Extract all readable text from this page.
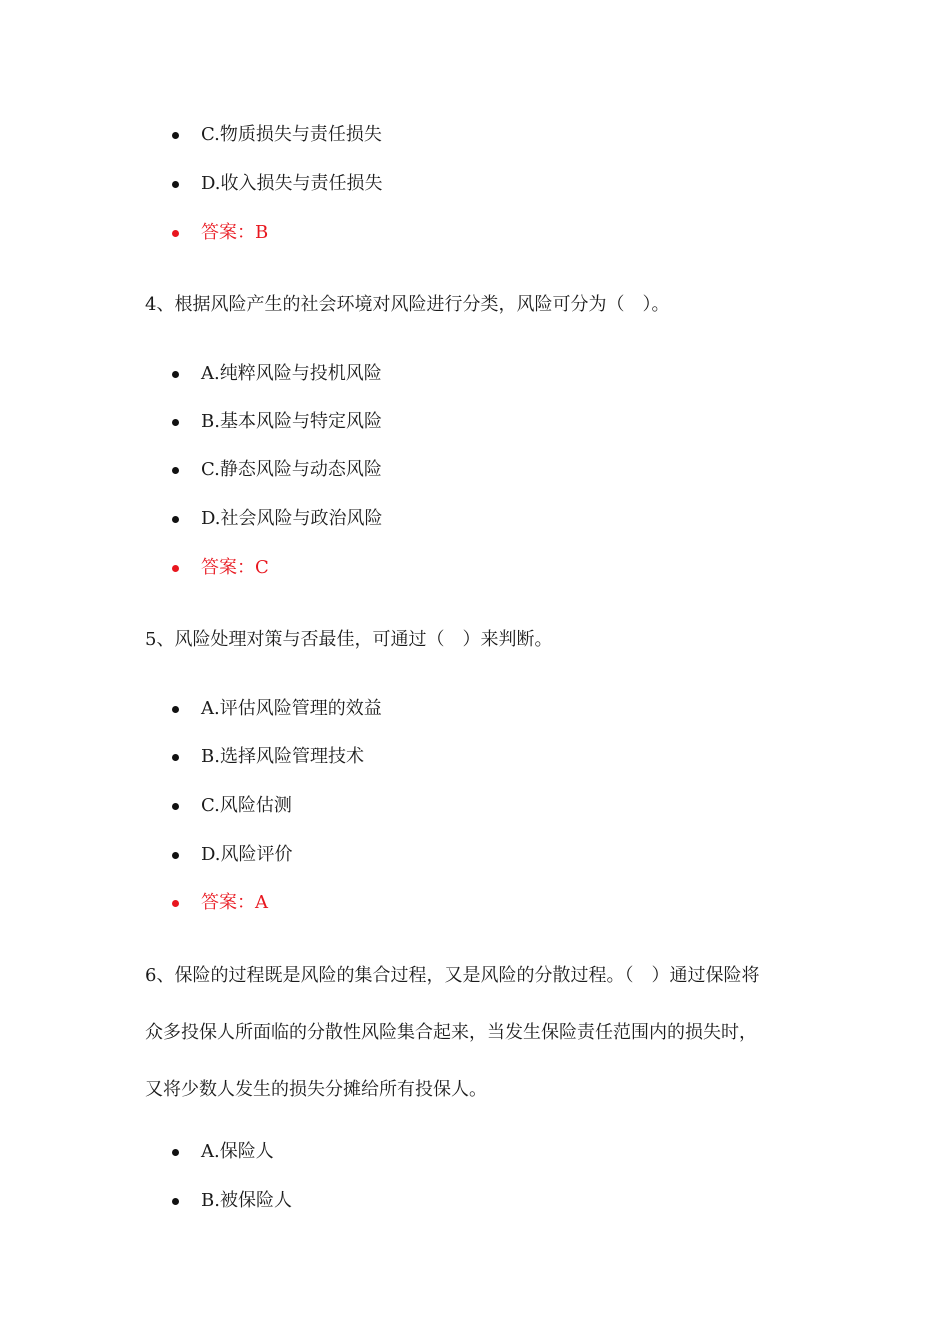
C.物质损失与责任损失
D.收入损失与责任损失
答案：B
4、根据风险产生的社会环境对风险进行分类，风险可分为（　）。
A.纯粹风险与投机风险
B.基本风险与特定风险
C.静态风险与动态风险
D.社会风险与政治风险
答案：C
5、风险处理对策与否最佳，可通过（　）来判断。
A.评估风险管理的效益
B.选择风险管理技术
C.风险估测
D.风险评价
答案：A
6、保险的过程既是风险的集合过程，又是风险的分散过程。（　）通过保险将
众多投保人所面临的分散性风险集合起来，当发生保险责任范围内的损失时，
又将少数人发生的损失分摊给所有投保人。
A.保险人
B.被保险人
